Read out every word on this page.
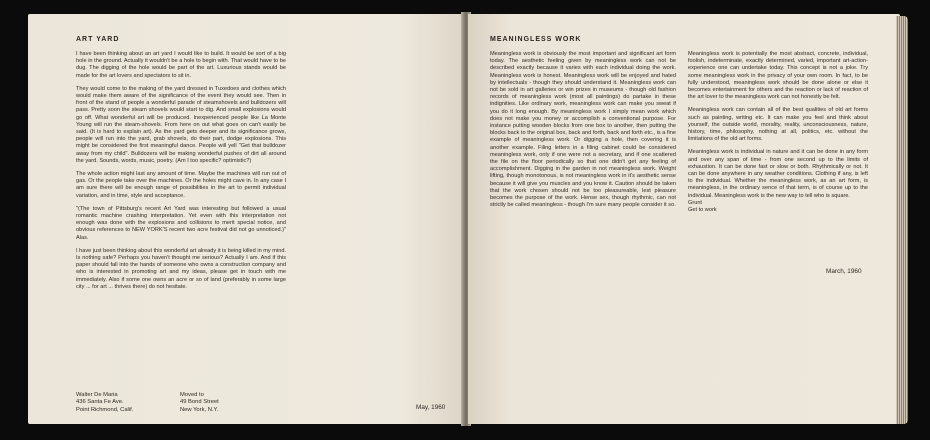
ART YARD

I have been thinking about an art yard I would like to build. It would be sort of a big hole in the ground. Actually it wouldn't be a hole to begin with. That would have to be dug. The digging of the hole would be part of the art. Luxurious stands would be made for the art lovers and spectators to sit in.

They would come to the making of the yard dressed in Tuxedoes and clothes which would make them aware of the significance of the event they would see. Then in front of the stand of people a wonderful parade of steamshovels and bulldozers will pass. Pretty soon the steam shovels would start to dig. And small explosions would go off. What wonderful art will be produced. Inexperienced people like La Monte Young will run the steam-shovels. From here on out what goes on can't easily be said. (It is hard to explain art). As the yard gets deeper and its significance grows, people will run into the yard, grab shovels, do their part, dodge explosions. This might be considered the first meaningful dance. People will yell "Get that bulldozer away from my child". Bulldozers will be making wonderful pushes of dirt all around the yard. Sounds, words, music, poetry. (Am I too specific? optimistic?)

The whole action might last any amount of time. Maybe the machines will run out of gas. Or the people take over the machines. Or the holes might cave in. In any case I am sure there will be enough range of possibilities in the art to permit individual variation, and in time, style and acceptance.

"(The town of Pittsburg's recent Art Yard was interesting but followed a usual romantic machine crashing interpretation. Yet even with this interpretation not enough was done with the explosions and collisions to merit special notice, and obvious references to NEW YORK'S recent two acre festival did not go unnoticed.)" Alas.

I have just been thinking about this wonderful art already it is being killed in my mind. Is nothing safe? Perhaps you haven't thought me serious? Actually I am. And if this paper should fall into the hands of someone who owns a construction company and who is interested in promoting art and my ideas, please get in touch with me immediately. Also if some one owns an acre or so of land (preferably in some large city ... for art ... thrives there) do not hesitate.

Walter De Maria
436 Santa Fe Ave.
Point Richmond, Calif.
Moved to
49 Bond Street
New York, N.Y.	May, 1960
MEANINGLESS WORK

Meaningless work is obviously the most important and significant art form today. The aesthetic feeling given by meaningless work can not be described exactly because it varies with each individual doing the work. Meaningless work is honest. Meaningless work will be enjoyed and hated by intellectuals - though they should understand it. Meaningless work can not be sold in art galleries or win prizes in museums - though old fashion records of meaningless work (most all paintings) do partake in these indignities. Like ordinary work, meaningless work can make you sweat if you do it long enough. By meaningless work I simply mean work which does not make you money or accomplish a conventional purpose. For instance putting wooden blocks from one box to another, then putting the blocks back to the original box, back and forth, back and forth etc., is a fine example of meaningless work. Or digging a hole, then covering it is another example. Filing letters in a filing cabinet could be considered meaningless work, only if one were not a secretary, and if one scattered the file on the floor periodically so that one didn't get any feeling of accomplishment. Digging in the garden in not meaningless work. Weight lifting, though monotonous, is not meaningless work in it's aesthetic sense because it will give you muscles and you know it. Caution should be taken that the work chosen should not be too pleasureable, lest pleasure becomes the purpose of the work. Hense sex, though rhythmic, can not strictly be called meaningless - though I'm sure many people consider it so.

Meaningless work is potentially the most abstract, concrete, individual, foolish, indeterminate, exactly determined, varied, important art-action-experience one can undertake today. This concept is not a joke. Try some meaningless work in the privacy of your own room. In fact, to be fully understood, meaningless work should be done alone or else it becomes entertainment for others and the reaction or lack of reaction of the art lover to the meaningless work can not honestly be felt.

Meaningless work can contain all of the best qualities of old art forms such as painting, writing etc. It can make you feel and think about yourself, the outside world, morality, reality, unconsciousness, nature, history, time, philosophy, nothing at all, politics, etc. without the limitations of the old art forms.

Meaningless work is individual in nature and it can be done in any form and over any span of time - from one second up to the limits of exhaustion. It can be done fast or slow or both. Rhythmically or not. It can be done anywhere in any weather conditions. Clothing if any, is left to the individual. Whether the meaningless work, as an art form, is meaningless, in the ordinary sence of that term, is of course up to the individual. Meaningless work is the new way to tell who is square.

Grunt
Get to work
March, 1960
